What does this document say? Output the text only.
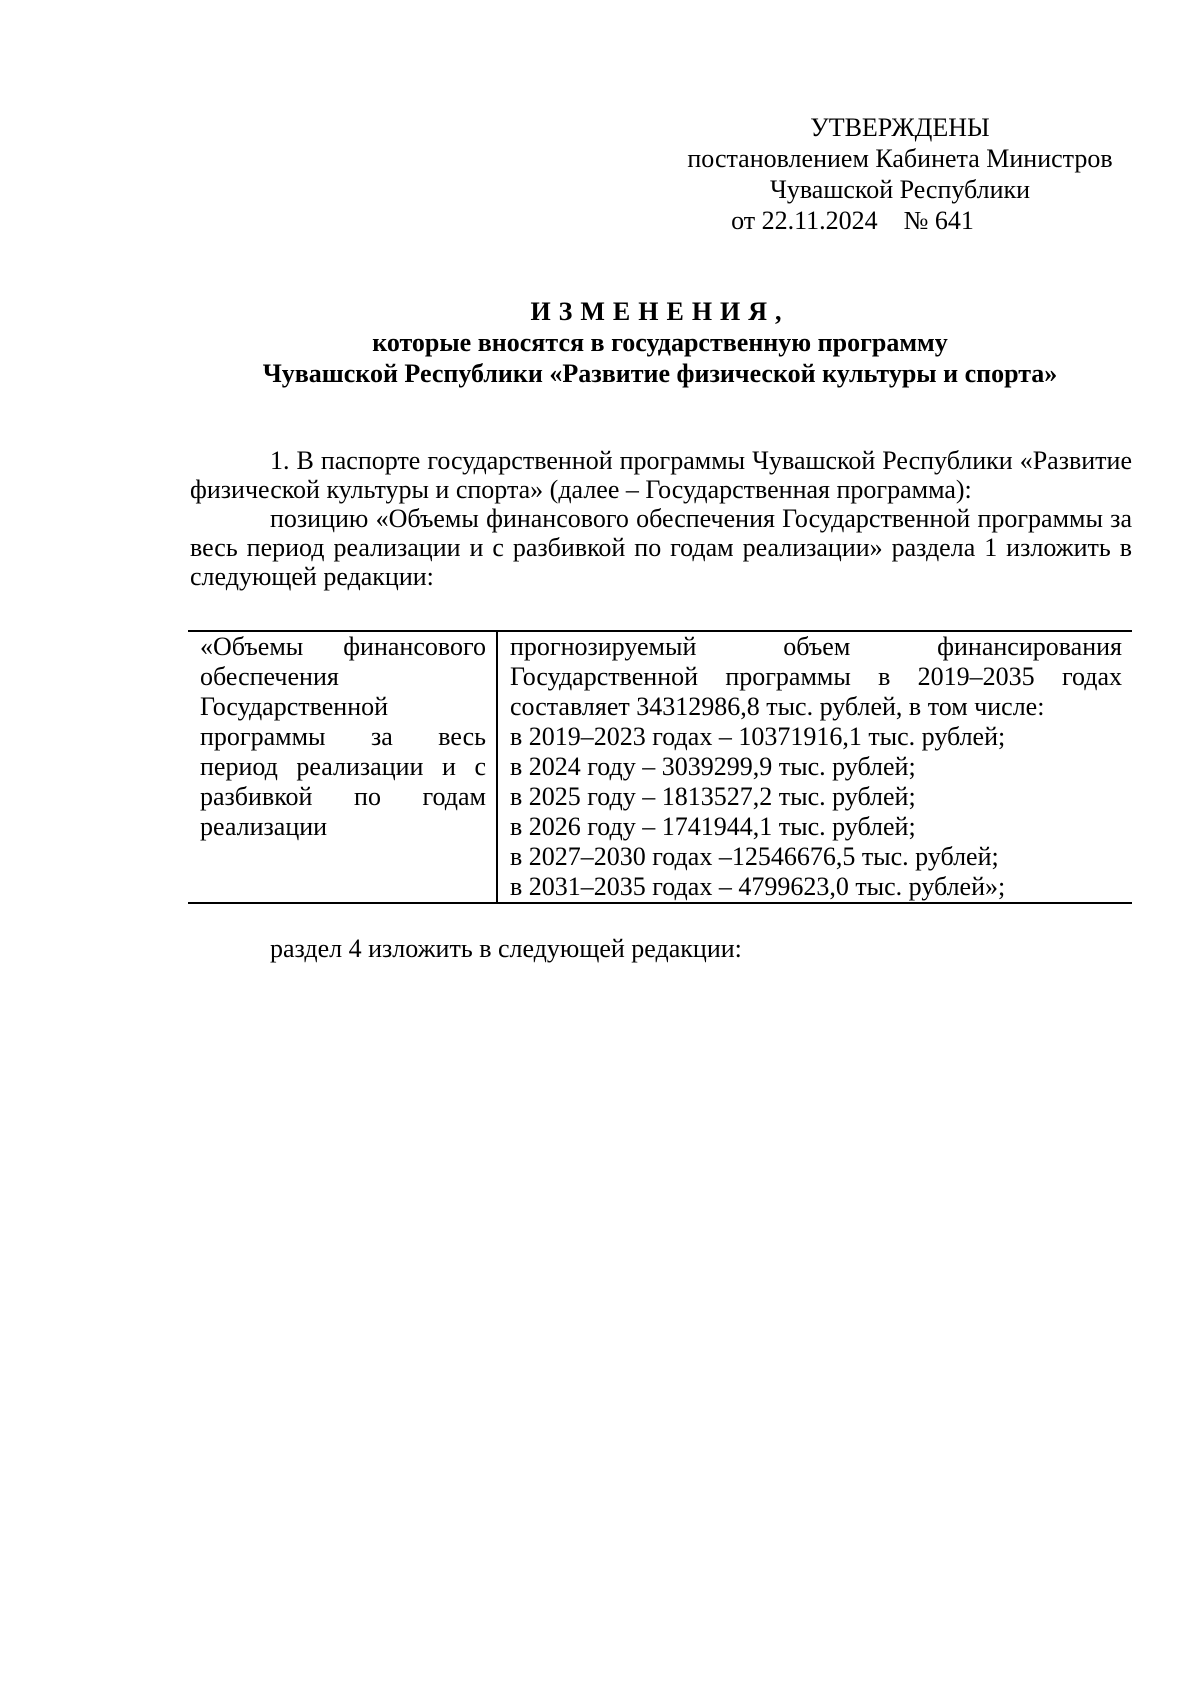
УТВЕРЖДЕНЫ
постановлением Кабинета Министров
Чувашской Республики
от 22.11.2024    № 641
ИЗМЕНЕНИЯ,
которые вносятся в государственную программу
Чувашской Республики «Развитие физической культуры и спорта»

1. В паспорте государственной программы Чувашской Республики «Развитие физической культуры и спорта» (далее – Государственная программа):

позицию «Объемы финансового обеспечения Государственной программы за весь период реализации и с разбивкой по годам реализации» раздела 1 изложить в следующей редакции:

«Объемы финансового обеспечения Государственной программы за весь период реализации и с разбивкой по годам реализации

прогнозируемый объем финансирования Государственной программы в 2019–2035 годах составляет 34312986,8 тыс. рублей, в том числе:

в 2019–2023 годах – 10371916,1 тыс. рублей;
в 2024 году – 3039299,9 тыс. рублей;
в 2025 году – 1813527,2 тыс. рублей;
в 2026 году – 1741944,1 тыс. рублей;
в 2027–2030 годах –12546676,5 тыс. рублей;
в 2031–2035 годах – 4799623,0 тыс. рублей»;

раздел 4 изложить в следующей редакции:
